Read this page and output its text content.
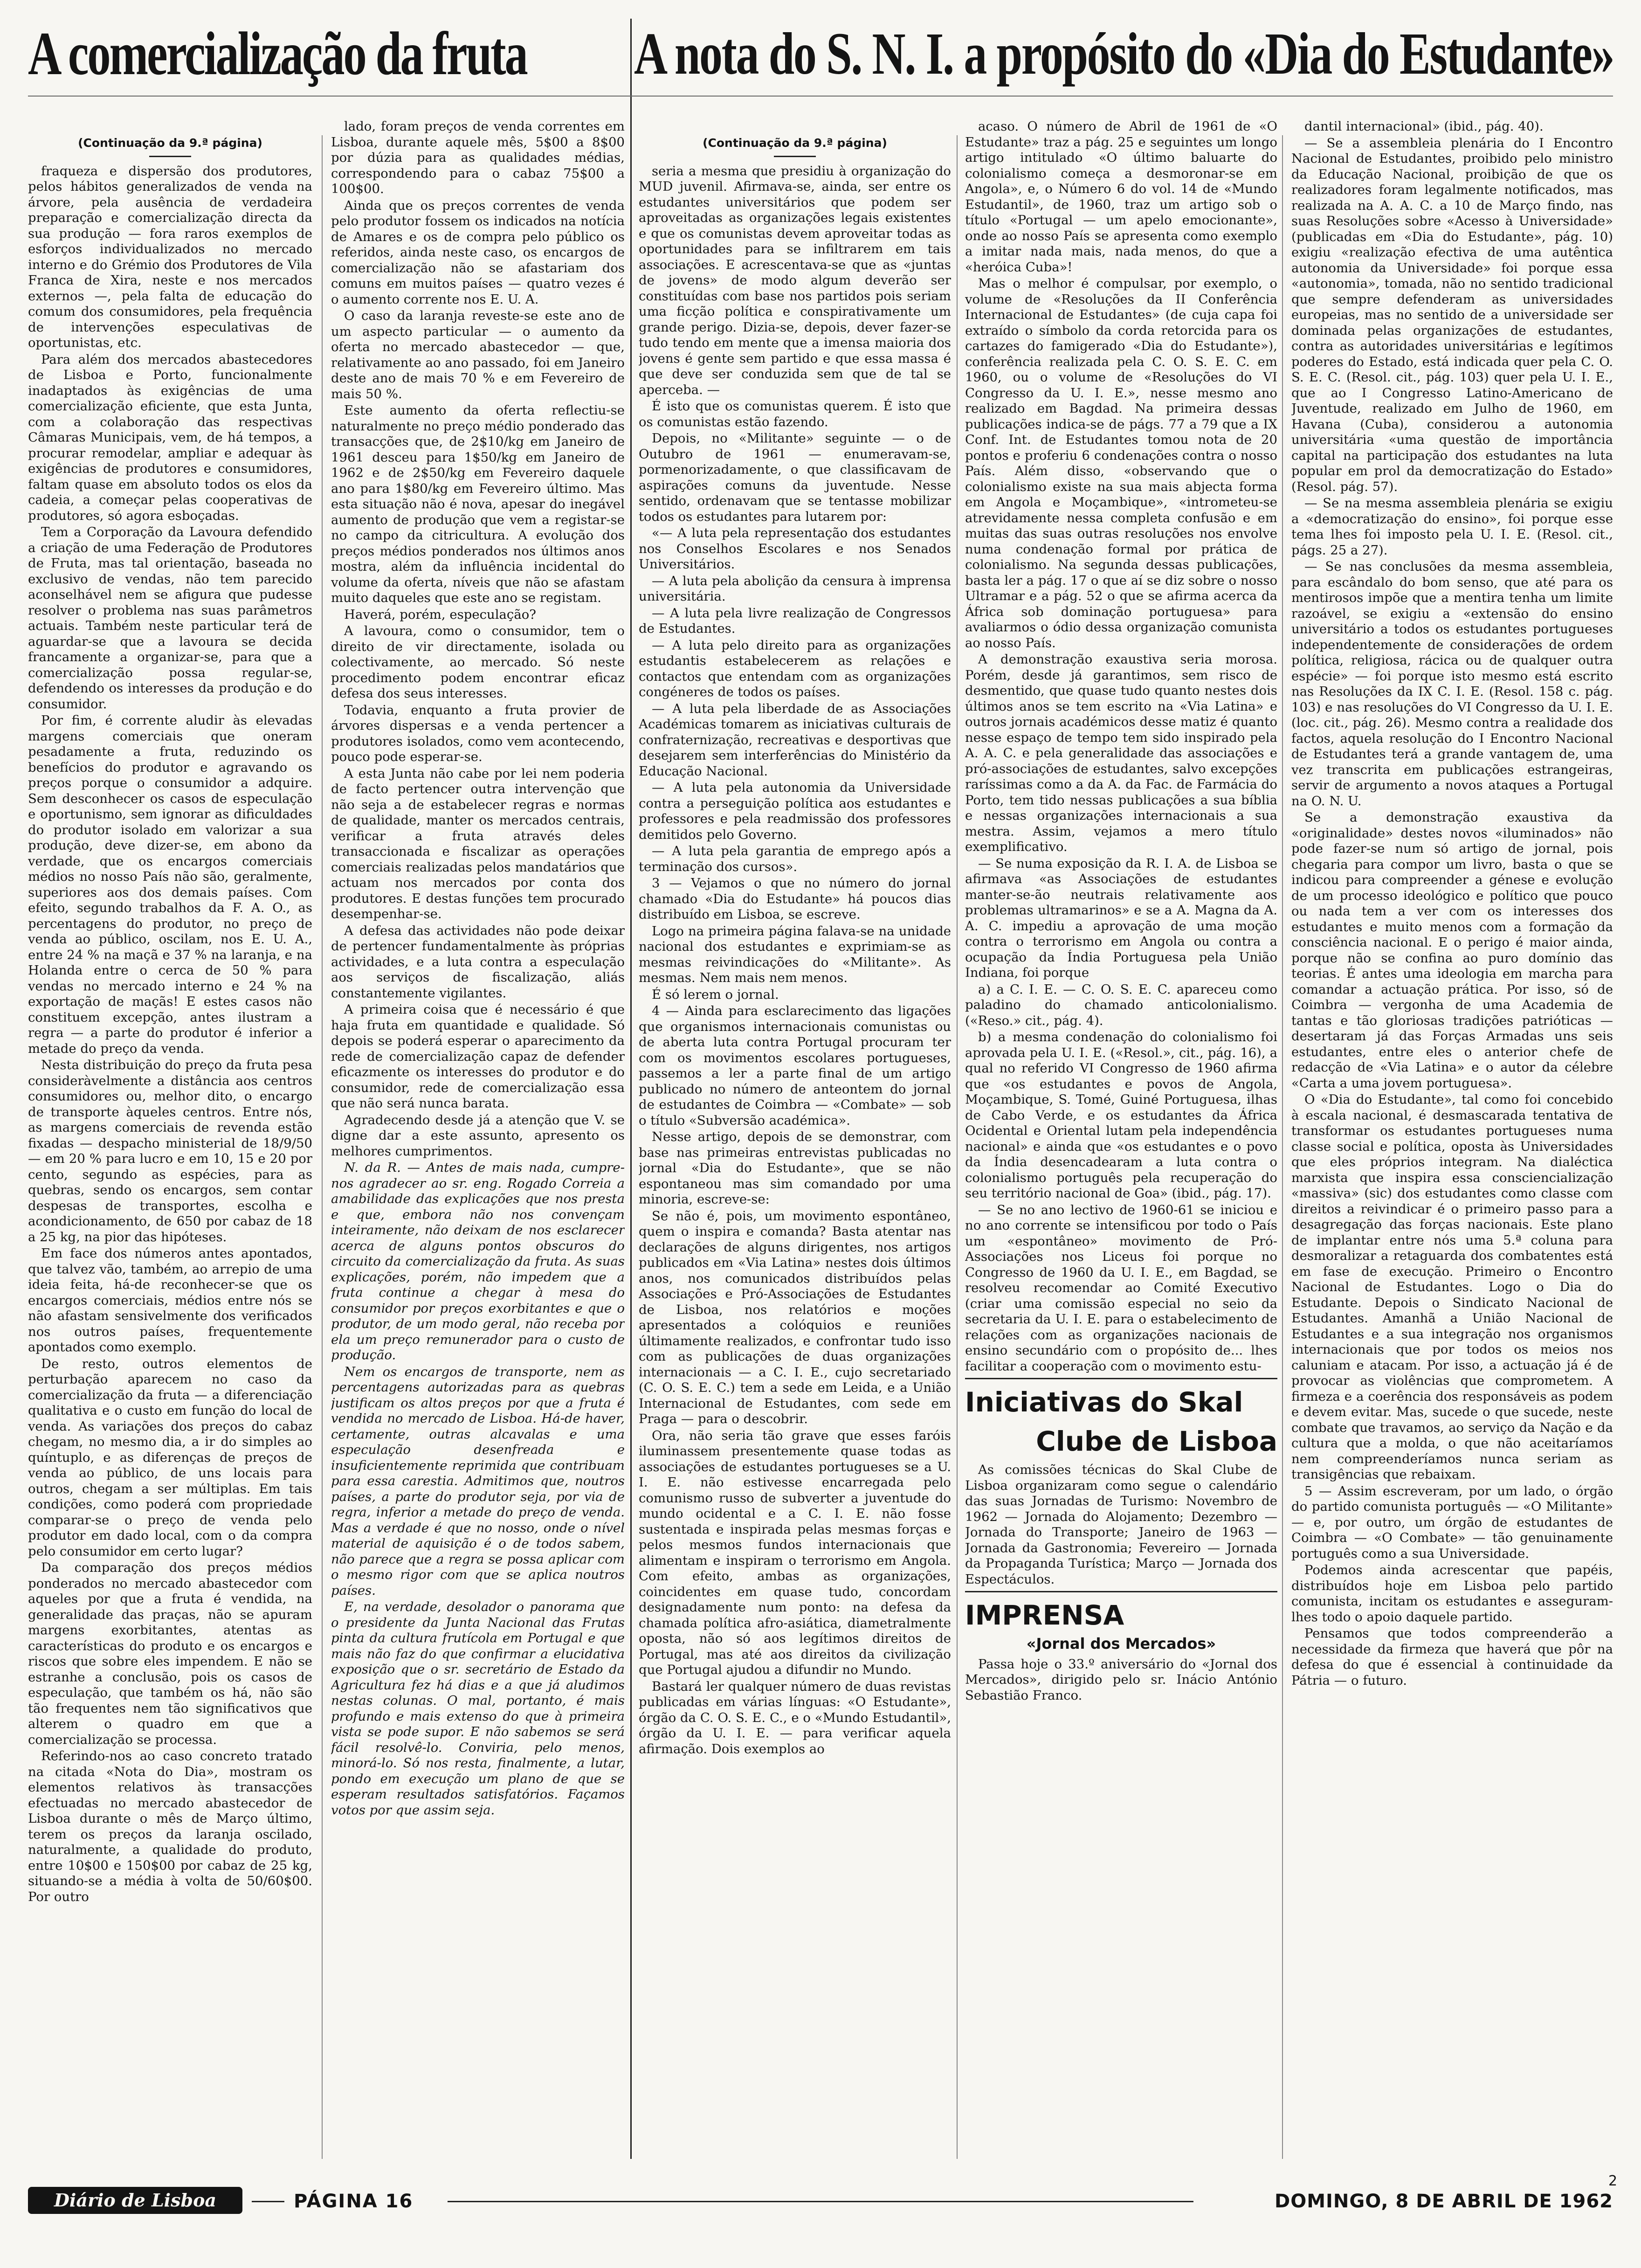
A comercialização da fruta A nota do S. N. I. a propósito do «Dia do Estudante»
(Continuação da 9.ª página)

fraqueza e dispersão dos produtores, pelos hábitos generalizados de venda na árvore, pela ausência de verdadeira preparação e comercialização directa da sua produção — fora raros exemplos de esforços individualizados no mercado interno e do Grémio dos Produtores de Vila Franca de Xira, neste e nos mercados externos —, pela falta de educação do comum dos consumidores, pela frequência de intervenções especulativas de oportunistas, etc.

Para além dos mercados abastecedores de Lisboa e Porto, funcionalmente inadaptados às exigências de uma comercialização eficiente, que esta Junta, com a colaboração das respectivas Câmaras Municipais, vem, de há tempos, a procurar remodelar, ampliar e adequar às exigências de produtores e consumidores, faltam quase em absoluto todos os elos da cadeia, a começar pelas cooperativas de produtores, só agora esboçadas.

Tem a Corporação da Lavoura defendido a criação de uma Federação de Produtores de Fruta, mas tal orientação, baseada no exclusivo de vendas, não tem parecido aconselhável nem se afigura que pudesse resolver o problema nas suas parâmetros actuais. Também neste particular terá de aguardar-se que a lavoura se decida francamente a organizar-se, para que a comercialização possa regular-se, defendendo os interesses da produção e do consumidor.

Por fim, é corrente aludir às elevadas margens comerciais que oneram pesadamente a fruta, reduzindo os benefícios do produtor e agravando os preços porque o consumidor a adquire. Sem desconhecer os casos de especulação e oportunismo, sem ignorar as dificuldades do produtor isolado em valorizar a sua produção, deve dizer-se, em abono da verdade, que os encargos comerciais médios no nosso País não são, geralmente, superiores aos dos demais países. Com efeito, segundo trabalhos da F. A. O., as percentagens do produtor, no preço de venda ao público, oscilam, nos E. U. A., entre 24 % na maçã e 37 % na laranja, e na Holanda entre o cerca de 50 % para vendas no mercado interno e 24 % na exportação de maçãs! E estes casos não constituem excepção, antes ilustram a regra — a parte do produtor é inferior a metade do preço da venda.

Nesta distribuição do preço da fruta pesa consideràvelmente a distância aos centros consumidores ou, melhor dito, o encargo de transporte àqueles centros. Entre nós, as margens comerciais de revenda estão fixadas — despacho ministerial de 18/9/50 — em 20 % para lucro e em 10, 15 e 20 por cento, segundo as espécies, para as quebras, sendo os encargos, sem contar despesas de transportes, escolha e acondicionamento, de 650 por cabaz de 18 a 25 kg, na pior das hipóteses.

Em face dos números antes apontados, que talvez vão, também, ao arrepio de uma ideia feita, há-de reconhecer-se que os encargos comerciais, médios entre nós se não afastam sensivelmente dos verificados nos outros países, frequentemente apontados como exemplo.

De resto, outros elementos de perturbação aparecem no caso da comercialização da fruta — a diferenciação qualitativa e o custo em função do local de venda. As variações dos preços do cabaz chegam, no mesmo dia, a ir do simples ao quíntuplo, e as diferenças de preços de venda ao público, de uns locais para outros, chegam a ser múltiplas. Em tais condições, como poderá com propriedade comparar-se o preço de venda pelo produtor em dado local, com o da compra pelo consumidor em certo lugar?

Da comparação dos preços médios ponderados no mercado abastecedor com aqueles por que a fruta é vendida, na generalidade das praças, não se apuram margens exorbitantes, atentas as características do produto e os encargos e riscos que sobre eles impendem. E não se estranhe a conclusão, pois os casos de especulação, que também os há, não são tão frequentes nem tão significativos que alterem o quadro em que a comercialização se processa.

Referindo-nos ao caso concreto tratado na citada «Nota do Dia», mostram os elementos relativos às transacções efectuadas no mercado abastecedor de Lisboa durante o mês de Março último, terem os preços da laranja oscilado, naturalmente, a qualidade do produto, entre 10$00 e 150$00 por cabaz de 25 kg, situando-se a média à volta de 50/60$00. Por outro

lado, foram preços de venda correntes em Lisboa, durante aquele mês, 5$00 a 8$00 por dúzia para as qualidades médias, correspondendo para o cabaz 75$00 a 100$00.

Ainda que os preços correntes de venda pelo produtor fossem os indicados na notícia de Amares e os de compra pelo público os referidos, ainda neste caso, os encargos de comercialização não se afastariam dos comuns em muitos países — quatro vezes é o aumento corrente nos E. U. A.

O caso da laranja reveste-se este ano de um aspecto particular — o aumento da oferta no mercado abastecedor — que, relativamente ao ano passado, foi em Janeiro deste ano de mais 70 % e em Fevereiro de mais 50 %.

Este aumento da oferta reflectiu-se naturalmente no preço médio ponderado das transacções que, de 2$10/kg em Janeiro de 1961 desceu para 1$50/kg em Janeiro de 1962 e de 2$50/kg em Fevereiro daquele ano para 1$80/kg em Fevereiro último. Mas esta situação não é nova, apesar do inegável aumento de produção que vem a registar-se no campo da citricultura. A evolução dos preços médios ponderados nos últimos anos mostra, além da influência incidental do volume da oferta, níveis que não se afastam muito daqueles que este ano se registam.

Haverá, porém, especulação?

A lavoura, como o consumidor, tem o direito de vir directamente, isolada ou colectivamente, ao mercado. Só neste procedimento podem encontrar eficaz defesa dos seus interesses.

Todavia, enquanto a fruta provier de árvores dispersas e a venda pertencer a produtores isolados, como vem acontecendo, pouco pode esperar-se.

A esta Junta não cabe por lei nem poderia de facto pertencer outra intervenção que não seja a de estabelecer regras e normas de qualidade, manter os mercados centrais, verificar a fruta através deles transaccionada e fiscalizar as operações comerciais realizadas pelos mandatários que actuam nos mercados por conta dos produtores. E destas funções tem procurado desempenhar-se.

A defesa das actividades não pode deixar de pertencer fundamentalmente às próprias actividades, e a luta contra a especulação aos serviços de fiscalização, aliás constantemente vigilantes.

A primeira coisa que é necessário é que haja fruta em quantidade e qualidade. Só depois se poderá esperar o aparecimento da rede de comercialização capaz de defender eficazmente os interesses do produtor e do consumidor, rede de comercialização essa que não será nunca barata.

Agradecendo desde já a atenção que V. se digne dar a este assunto, apresento os melhores cumprimentos.

N. da R. — Antes de mais nada, cumpre-nos agradecer ao sr. eng. Rogado Correia a amabilidade das explicações que nos presta e que, embora não nos convençam inteiramente, não deixam de nos esclarecer acerca de alguns pontos obscuros do circuito da comercialização da fruta. As suas explicações, porém, não impedem que a fruta continue a chegar à mesa do consumidor por preços exorbitantes e que o produtor, de um modo geral, não receba por ela um preço remunerador para o custo de produção.

Nem os encargos de transporte, nem as percentagens autorizadas para as quebras justificam os altos preços por que a fruta é vendida no mercado de Lisboa. Há-de haver, certamente, outras alcavalas e uma especulação desenfreada e insuficientemente reprimida que contribuam para essa carestia. Admitimos que, noutros países, a parte do produtor seja, por via de regra, inferior a metade do preço de venda. Mas a verdade é que no nosso, onde o nível material de aquisição é o de todos sabem, não parece que a regra se possa aplicar com o mesmo rigor com que se aplica noutros países.

E, na verdade, desolador o panorama que o presidente da Junta Nacional das Frutas pinta da cultura frutícola em Portugal e que mais não faz do que confirmar a elucidativa exposição que o sr. secretário de Estado da Agricultura fez há dias e a que já aludimos nestas colunas. O mal, portanto, é mais profundo e mais extenso do que à primeira vista se pode supor. E não sabemos se será fácil resolvê-lo. Conviria, pelo menos, minorá-lo. Só nos resta, finalmente, a lutar, pondo em execução um plano de que se esperam resultados satisfatórios. Façamos votos por que assim seja.

(Continuação da 9.ª página)

seria a mesma que presidiu à organização do MUD juvenil. Afirmava-se, ainda, ser entre os estudantes universitários que podem ser aproveitadas as organizações legais existentes e que os comunistas devem aproveitar todas as oportunidades para se infiltrarem em tais associações. E acrescentava-se que as «juntas de jovens» de modo algum deverão ser constituídas com base nos partidos pois seriam uma ficção política e conspirativamente um grande perigo. Dizia-se, depois, dever fazer-se tudo tendo em mente que a imensa maioria dos jovens é gente sem partido e que essa massa é que deve ser conduzida sem que de tal se aperceba. —

É isto que os comunistas querem. É isto que os comunistas estão fazendo.

Depois, no «Militante» seguinte — o de Outubro de 1961 — enumeravam-se, pormenorizadamente, o que classificavam de aspirações comuns da juventude. Nesse sentido, ordenavam que se tentasse mobilizar todos os estudantes para lutarem por:

«— A luta pela representação dos estudantes nos Conselhos Escolares e nos Senados Universitários.

— A luta pela abolição da censura à imprensa universitária.

— A luta pela livre realização de Congressos de Estudantes.

— A luta pelo direito para as organizações estudantis estabelecerem as relações e contactos que entendam com as organizações congéneres de todos os países.

— A luta pela liberdade de as Associações Académicas tomarem as iniciativas culturais de confraternização, recreativas e desportivas que desejarem sem interferências do Ministério da Educação Nacional.

— A luta pela autonomia da Universidade contra a perseguição política aos estudantes e professores e pela readmissão dos professores demitidos pelo Governo.

— A luta pela garantia de emprego após a terminação dos cursos».

3 — Vejamos o que no número do jornal chamado «Dia do Estudante» há poucos dias distribuído em Lisboa, se escreve.

Logo na primeira página falava-se na unidade nacional dos estudantes e exprimiam-se as mesmas reivindicações do «Militante». As mesmas. Nem mais nem menos.

É só lerem o jornal.

4 — Ainda para esclarecimento das ligações que organismos internacionais comunistas ou de aberta luta contra Portugal procuram ter com os movimentos escolares portugueses, passemos a ler a parte final de um artigo publicado no número de anteontem do jornal de estudantes de Coimbra — «Combate» — sob o título «Subversão académica».

Nesse artigo, depois de se demonstrar, com base nas primeiras entrevistas publicadas no jornal «Dia do Estudante», que se não espontaneou mas sim comandado por uma minoria, escreve-se:

Se não é, pois, um movimento espontâneo, quem o inspira e comanda? Basta atentar nas declarações de alguns dirigentes, nos artigos publicados em «Via Latina» nestes dois últimos anos, nos comunicados distribuídos pelas Associações e Pró-Associações de Estudantes de Lisboa, nos relatórios e moções apresentados a colóquios e reuniões últimamente realizados, e confrontar tudo isso com as publicações de duas organizações internacionais — a C. I. E., cujo secretariado (C. O. S. E. C.) tem a sede em Leida, e a União Internacional de Estudantes, com sede em Praga — para o descobrir.

Ora, não seria tão grave que esses faróis iluminassem presentemente quase todas as associações de estudantes portugueses se a U. I. E. não estivesse encarregada pelo comunismo russo de subverter a juventude do mundo ocidental e a C. I. E. não fosse sustentada e inspirada pelas mesmas forças e pelos mesmos fundos internacionais que alimentam e inspiram o terrorismo em Angola. Com efeito, ambas as organizações, coincidentes em quase tudo, concordam designadamente num ponto: na defesa da chamada política afro-asiática, diametralmente oposta, não só aos legítimos direitos de Portugal, mas até aos direitos da civilização que Portugal ajudou a difundir no Mundo.

Bastará ler qualquer número de duas revistas publicadas em várias línguas: «O Estudante», órgão da C. O. S. E. C., e o «Mundo Estudantil», órgão da U. I. E. — para verificar aquela afirmação. Dois exemplos ao

acaso. O número de Abril de 1961 de «O Estudante» traz a pág. 25 e seguintes um longo artigo intitulado «O último baluarte do colonialismo começa a desmoronar-se em Angola», e, o Número 6 do vol. 14 de «Mundo Estudantil», de 1960, traz um artigo sob o título «Portugal — um apelo emocionante», onde ao nosso País se apresenta como exemplo a imitar nada mais, nada menos, do que a «heróica Cuba»!

Mas o melhor é compulsar, por exemplo, o volume de «Resoluções da II Conferência Internacional de Estudantes» (de cuja capa foi extraído o símbolo da corda retorcida para os cartazes do famigerado «Dia do Estudante»), conferência realizada pela C. O. S. E. C. em 1960, ou o volume de «Resoluções do VI Congresso da U. I. E.», nesse mesmo ano realizado em Bagdad. Na primeira dessas publicações indica-se de págs. 77 a 79 que a IX Conf. Int. de Estudantes tomou nota de 20 pontos e proferiu 6 condenações contra o nosso País. Além disso, «observando que o colonialismo existe na sua mais abjecta forma em Angola e Moçambique», «intrometeu-se atrevidamente nessa completa confusão e em muitas das suas outras resoluções nos envolve numa condenação formal por prática de colonialismo. Na segunda dessas publicações, basta ler a pág. 17 o que aí se diz sobre o nosso Ultramar e a pág. 52 o que se afirma acerca da África sob dominação portuguesa» para avaliarmos o ódio dessa organização comunista ao nosso País.

A demonstração exaustiva seria morosa. Porém, desde já garantimos, sem risco de desmentido, que quase tudo quanto nestes dois últimos anos se tem escrito na «Via Latina» e outros jornais académicos desse matiz é quanto nesse espaço de tempo tem sido inspirado pela A. A. C. e pela generalidade das associações e pró-associações de estudantes, salvo excepções raríssimas como a da A. da Fac. de Farmácia do Porto, tem tido nessas publicações a sua bíblia e nessas organizações internacionais a sua mestra. Assim, vejamos a mero título exemplificativo.

— Se numa exposição da R. I. A. de Lisboa se afirmava «as Associações de estudantes manter-se-ão neutrais relativamente aos problemas ultramarinos» e se a A. Magna da A. A. C. impediu a aprovação de uma moção contra o terrorismo em Angola ou contra a ocupação da Índia Portuguesa pela União Indiana, foi porque

a) a C. I. E. — C. O. S. E. C. apareceu como paladino do chamado anticolonialismo. («Reso.» cit., pág. 4).

b) a mesma condenação do colonialismo foi aprovada pela U. I. E. («Resol.», cit., pág. 16), a qual no referido VI Congresso de 1960 afirma que «os estudantes e povos de Angola, Moçambique, S. Tomé, Guiné Portuguesa, ilhas de Cabo Verde, e os estudantes da África Ocidental e Oriental lutam pela independência nacional» e ainda que «os estudantes e o povo da Índia desencadearam a luta contra o colonialismo português pela recuperação do seu território nacional de Goa» (ibid., pág. 17).

— Se no ano lectivo de 1960-61 se iniciou e no ano corrente se intensificou por todo o País um «espontâneo» movimento de Pró-Associações nos Liceus foi porque no Congresso de 1960 da U. I. E., em Bagdad, se resolveu recomendar ao Comité Executivo (criar uma comissão especial no seio da secretaria da U. I. E. para o estabelecimento de relações com as organizações nacionais de ensino secundário com o propósito de... lhes facilitar a cooperação com o movimento estu-

Iniciativas do Skal
Clube de Lisboa

As comissões técnicas do Skal Clube de Lisboa organizaram como segue o calendário das suas Jornadas de Turismo: Novembro de 1962 — Jornada do Alojamento; Dezembro — Jornada do Transporte; Janeiro de 1963 — Jornada da Gastronomia; Fevereiro — Jornada da Propaganda Turística; Março — Jornada dos Espectáculos.

IMPRENSA
«Jornal dos Mercados»

Passa hoje o 33.º aniversário do «Jornal dos Mercados», dirigido pelo sr. Inácio António Sebastião Franco.

dantil internacional» (ibid., pág. 40).

— Se a assembleia plenária do I Encontro Nacional de Estudantes, proibido pelo ministro da Educação Nacional, proibição de que os realizadores foram legalmente notificados, mas realizada na A. A. C. a 10 de Março findo, nas suas Resoluções sobre «Acesso à Universidade» (publicadas em «Dia do Estudante», pág. 10) exigiu «realização efectiva de uma autêntica autonomia da Universidade» foi porque essa «autonomia», tomada, não no sentido tradicional que sempre defenderam as universidades europeias, mas no sentido de a universidade ser dominada pelas organizações de estudantes, contra as autoridades universitárias e legítimos poderes do Estado, está indicada quer pela C. O. S. E. C. (Resol. cit., pág. 103) quer pela U. I. E., que ao I Congresso Latino-Americano de Juventude, realizado em Julho de 1960, em Havana (Cuba), considerou a autonomia universitária «uma questão de importância capital na participação dos estudantes na luta popular em prol da democratização do Estado» (Resol. pág. 57).

— Se na mesma assembleia plenária se exigiu a «democratização do ensino», foi porque esse tema lhes foi imposto pela U. I. E. (Resol. cit., págs. 25 a 27).

— Se nas conclusões da mesma assembleia, para escândalo do bom senso, que até para os mentirosos impõe que a mentira tenha um limite razoável, se exigiu a «extensão do ensino universitário a todos os estudantes portugueses independentemente de considerações de ordem política, religiosa, rácica ou de qualquer outra espécie» — foi porque isto mesmo está escrito nas Resoluções da IX C. I. E. (Resol. 158 c. pág. 103) e nas resoluções do VI Congresso da U. I. E. (loc. cit., pág. 26). Mesmo contra a realidade dos factos, aquela resolução do I Encontro Nacional de Estudantes terá a grande vantagem de, uma vez transcrita em publicações estrangeiras, servir de argumento a novos ataques a Portugal na O. N. U.

Se a demonstração exaustiva da «originalidade» destes novos «iluminados» não pode fazer-se num só artigo de jornal, pois chegaria para compor um livro, basta o que se indicou para compreender a génese e evolução de um processo ideológico e político que pouco ou nada tem a ver com os interesses dos estudantes e muito menos com a formação da consciência nacional. E o perigo é maior ainda, porque não se confina ao puro domínio das teorias. É antes uma ideologia em marcha para comandar a actuação prática. Por isso, só de Coimbra — vergonha de uma Academia de tantas e tão gloriosas tradições patrióticas — desertaram já das Forças Armadas uns seis estudantes, entre eles o anterior chefe de redacção de «Via Latina» e o autor da célebre «Carta a uma jovem portuguesa».

O «Dia do Estudante», tal como foi concebido à escala nacional, é desmascarada tentativa de transformar os estudantes portugueses numa classe social e política, oposta às Universidades que eles próprios integram. Na dialéctica marxista que inspira essa consciencialização «massiva» (sic) dos estudantes como classe com direitos a reivindicar é o primeiro passo para a desagregação das forças nacionais. Este plano de implantar entre nós uma 5.ª coluna para desmoralizar a retaguarda dos combatentes está em fase de execução. Primeiro o Encontro Nacional de Estudantes. Logo o Dia do Estudante. Depois o Sindicato Nacional de Estudantes. Amanhã a União Nacional de Estudantes e a sua integração nos organismos internacionais que por todos os meios nos caluniam e atacam. Por isso, a actuação já é de provocar as violências que comprometem. A firmeza e a coerência dos responsáveis as podem e devem evitar. Mas, sucede o que sucede, neste combate que travamos, ao serviço da Nação e da cultura que a molda, o que não aceitaríamos nem compreenderíamos nunca seriam as transigências que rebaixam.

5 — Assim escreveram, por um lado, o órgão do partido comunista português — «O Militante» — e, por outro, um órgão de estudantes de Coimbra — «O Combate» — tão genuinamente português como a sua Universidade.

Podemos ainda acrescentar que papéis, distribuídos hoje em Lisboa pelo partido comunista, incitam os estudantes e asseguram-lhes todo o apoio daquele partido.

Pensamos que todos compreenderão a necessidade da firmeza que haverá que pôr na defesa do que é essencial à continuidade da Pátria — o futuro.

Diário de Lisboa	PÁGINA 16	DOMINGO, 8 DE ABRIL DE 1962
2
